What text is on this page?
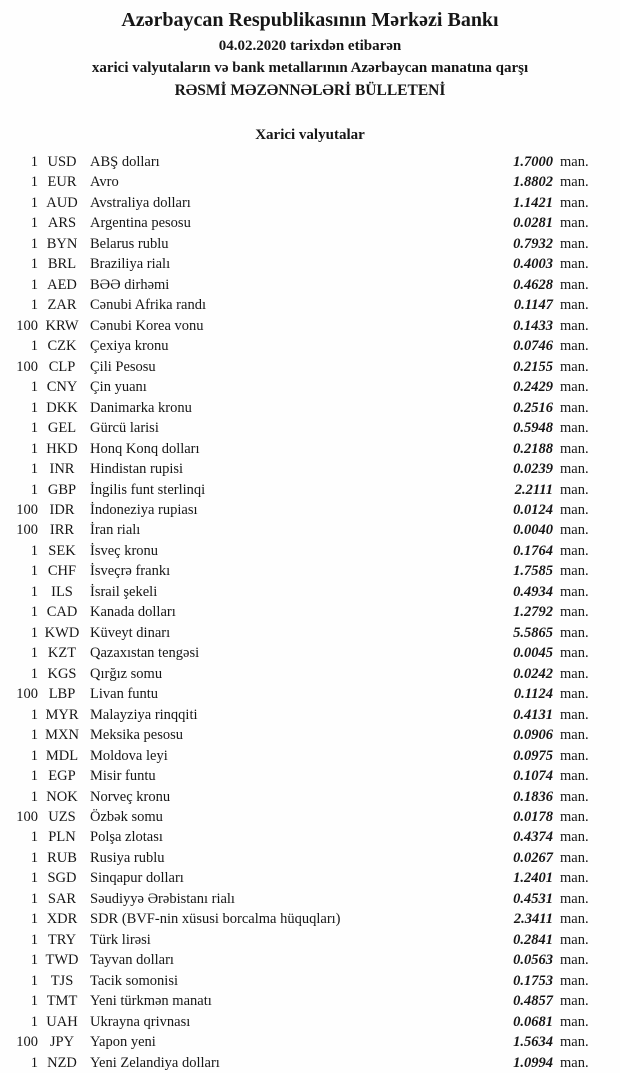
Azərbaycan Respublikasının Mərkəzi Bankı
04.02.2020 tarixdən etibarən
xarici valyutaların və bank metallarının Azərbaycan manatına qarşı
RƏSMİ MƏZƏNNƏLƏRİ BÜLLETENİ
Xarici valyutalar
1 USD ABŞ dolları	1.7000 man.
1 EUR Avro	1.8802 man.
1 AUD Avstraliya dolları	1.1421 man.
1 ARS Argentina pesosu	0.0281 man.
1 BYN Belarus rublu	0.7932 man.
1 BRL Braziliya rialı	0.4003 man.
1 AED BƏƏ dirhəmi	0.4628 man.
1 ZAR Cənubi Afrika randı	0.1147 man.
100 KRW Cənubi Korea vonu	0.1433 man.
1 CZK Çexiya kronu	0.0746 man.
100 CLP	Çili Pesosu	0.2155 man.
1 CNY Çin yuanı	0.2429 man.
1 DKK Danimarka kronu	0.2516 man.
1 GEL Gürcü larisi	0.5948 man.
1 HKD Honq Konq dolları	0.2188 man.
1 INR	Hindistan rupisi	0.0239 man.
1 GBP İngilis funt sterlinqi	2.2111 man.
100 IDR	İndoneziya rupiası	0.0124 man.
100 IRR	İran rialı	0.0040 man.
1 SEK İsveç kronu	0.1764 man.
1 CHF İsveçrə frankı	1.7585 man.
1 ILS	İsrail şekeli	0.4934 man.
1 CAD Kanada dolları	1.2792 man.
1 KWD Küveyt dinarı	5.5865 man.
1 KZT Qazaxıstan tengəsi	0.0045 man.
1 KGS Qırğız somu	0.0242 man.
100 LBP	Livan funtu	0.1124 man.
1 MYR Malayziya rinqqiti	0.4131 man.
1 MXN Meksika pesosu	0.0906 man.
1 MDL Moldova leyi	0.0975 man.
1 EGP Misir funtu	0.1074 man.
1 NOK Norveç kronu	0.1836 man.
100 UZS Özbək somu	0.0178 man.
1 PLN Polşa zlotası	0.4374 man.
1 RUB Rusiya rublu	0.0267 man.
1 SGD Sinqapur dolları	1.2401 man.
1 SAR Səudiyyə Ərəbistanı rialı	0.4531 man.
1 XDR SDR (BVF-nin xüsusi borcalma hüquqları)	2.3411 man.
1 TRY Türk lirəsi	0.2841 man.
1 TWD Tayvan dolları	0.0563 man.
1 TJS	Tacik somonisi	0.1753 man.
1 TMT Yeni türkmən manatı	0.4857 man.
1 UAH Ukrayna qrivnası	0.0681 man.
100 JPY	Yapon yeni	1.5634 man.
1 NZD Yeni Zelandiya dolları	1.0994 man.
